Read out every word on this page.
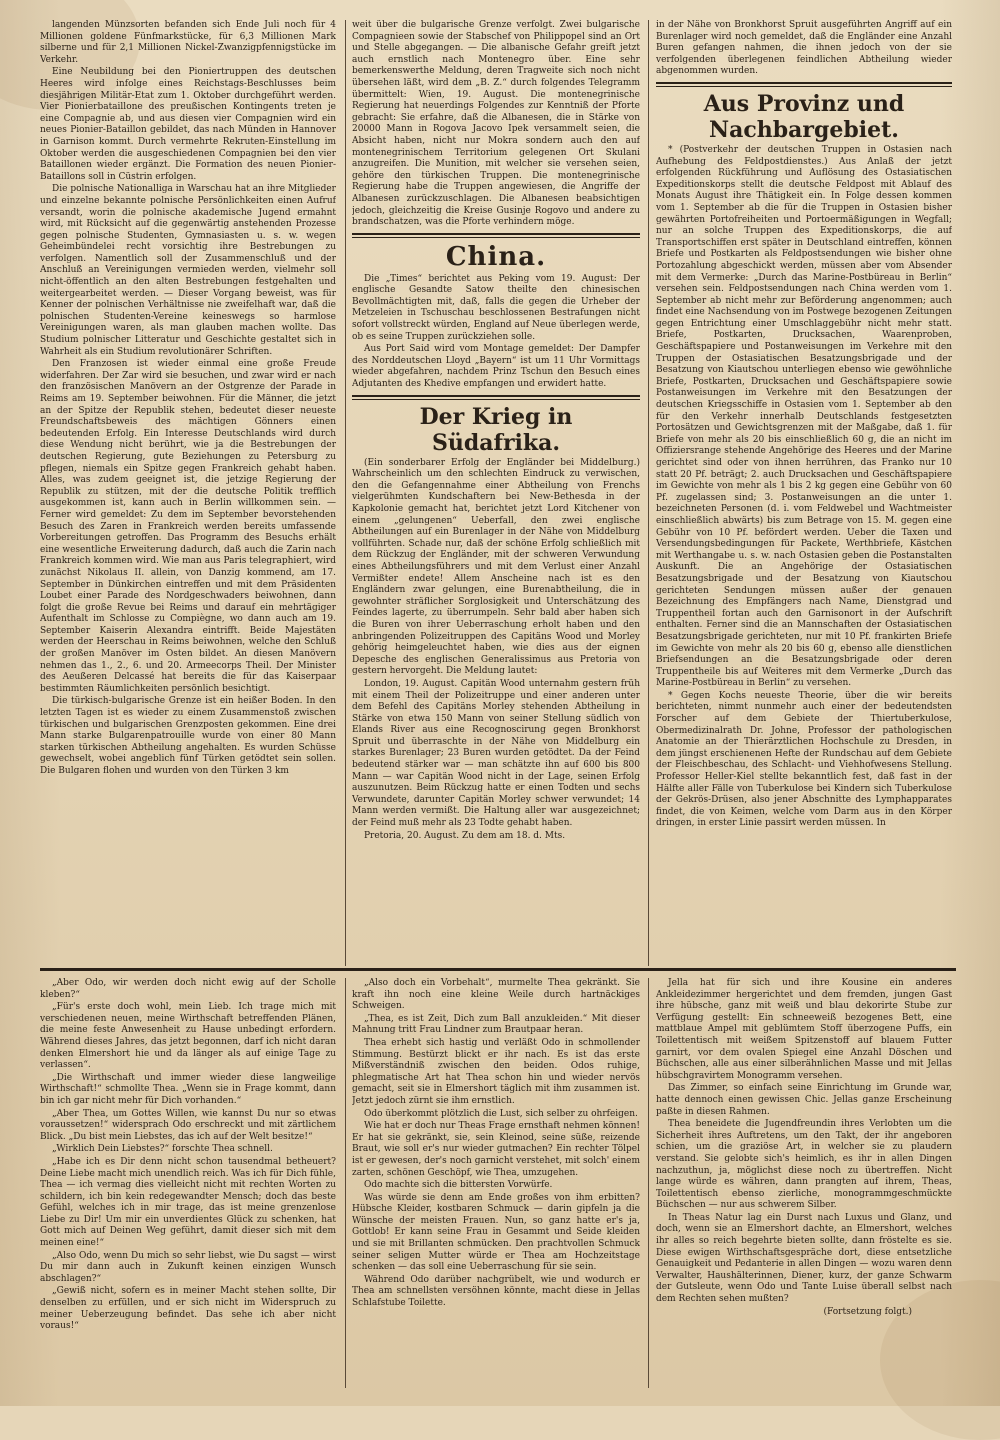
langenden Münzsorten befanden sich Ende Juli noch für 4 Millionen goldene Fünfmarkstücke, für 6,3 Millionen Mark silberne und für 2,1 Millionen Nickel-Zwanzigpfennigstücke im Verkehr.

Eine Neubildung bei den Pioniertruppen des deutschen Heeres wird infolge eines Reichstags-Beschlusses beim diesjährigen Militär-Etat zum 1. Oktober durchgeführt werden. Vier Pionierbataillone des preußischen Kontingents treten je eine Compagnie ab, und aus diesen vier Compagnien wird ein neues Pionier-Bataillon gebildet, das nach Münden in Hannover in Garnison kommt. Durch vermehrte Rekruten-Einstellung im Oktober werden die ausgeschiedenen Compagnien bei den vier Bataillonen wieder ergänzt. Die Formation des neuen Pionier-Bataillons soll in Cüstrin erfolgen.

Die polnische Nationalliga in Warschau hat an ihre Mitglieder und einzelne bekannte polnische Persönlichkeiten einen Aufruf versandt, worin die polnische akademische Jugend ermahnt wird, mit Rücksicht auf die gegenwärtig anstehenden Prozesse gegen polnische Studenten, Gymnasiasten u. s. w. wegen Geheimbündelei recht vorsichtig ihre Bestrebungen zu verfolgen. Namentlich soll der Zusammenschluß und der Anschluß an Vereinigungen vermieden werden, vielmehr soll nicht-öffentlich an den alten Bestrebungen festgehalten und weitergearbeitet werden. — Dieser Vorgang beweist, was für Kenner der polnischen Verhältnisse nie zweifelhaft war, daß die polnischen Studenten-Vereine keineswegs so harmlose Vereinigungen waren, als man glauben machen wollte. Das Studium polnischer Litteratur und Geschichte gestaltet sich in Wahrheit als ein Studium revolutionärer Schriften.

Den Franzosen ist wieder einmal eine große Freude widerfahren. Der Zar wird sie besuchen, und zwar wird er nach den französischen Manövern an der Ostgrenze der Parade in Reims am 19. September beiwohnen. Für die Männer, die jetzt an der Spitze der Republik stehen, bedeutet dieser neueste Freundschaftsbeweis des mächtigen Gönners einen bedeutenden Erfolg. Ein Interesse Deutschlands wird durch diese Wendung nicht berührt, wie ja die Bestrebungen der deutschen Regierung, gute Beziehungen zu Petersburg zu pflegen, niemals ein Spitze gegen Frankreich gehabt haben. Alles, was zudem geeignet ist, die jetzige Regierung der Republik zu stützen, mit der die deutsche Politik trefflich ausgekommen ist, kann auch in Berlin willkommen sein. — Ferner wird gemeldet: Zu dem im September bevorstehenden Besuch des Zaren in Frankreich werden bereits umfassende Vorbereitungen getroffen. Das Programm des Besuchs erhält eine wesentliche Erweiterung dadurch, daß auch die Zarin nach Frankreich kommen wird. Wie man aus Paris telegraphiert, wird zunächst Nikolaus II. allein, von Danzig kommend, am 17. September in Dünkirchen eintreffen und mit dem Präsidenten Loubet einer Parade des Nordgeschwaders beiwohnen, dann folgt die große Revue bei Reims und darauf ein mehrtägiger Aufenthalt im Schlosse zu Compiègne, wo dann auch am 19. September Kaiserin Alexandra eintrifft. Beide Majestäten werden der Heerschau in Reims beiwohnen, welche den Schluß der großen Manöver im Osten bildet. An diesen Manövern nehmen das 1., 2., 6. und 20. Armeecorps Theil. Der Minister des Aeußeren Delcassé hat bereits die für das Kaiserpaar bestimmten Räumlichkeiten persönlich besichtigt.

Die türkisch-bulgarische Grenze ist ein heißer Boden. In den letzten Tagen ist es wieder zu einem Zusammenstoß zwischen türkischen und bulgarischen Grenzposten gekommen. Eine drei Mann starke Bulgarenpatrouille wurde von einer 80 Mann starken türkischen Abtheilung angehalten. Es wurden Schüsse gewechselt, wobei angeblich fünf Türken getödtet sein sollen. Die Bulgaren flohen und wurden von den Türken 3 km

weit über die bulgarische Grenze verfolgt. Zwei bulgarische Compagnieen sowie der Stabschef von Philippopel sind an Ort und Stelle abgegangen. — Die albanische Gefahr greift jetzt auch ernstlich nach Montenegro über. Eine sehr bemerkenswerthe Meldung, deren Tragweite sich noch nicht übersehen läßt, wird dem „B. Z.“ durch folgendes Telegramm übermittelt: Wien, 19. August. Die montenegrinische Regierung hat neuerdings Folgendes zur Kenntniß der Pforte gebracht: Sie erfahre, daß die Albanesen, die in Stärke von 20000 Mann in Rogova Jacovo Ipek versammelt seien, die Absicht haben, nicht nur Mokra sondern auch den auf montenegrinischem Territorium gelegenen Ort Skulani anzugreifen. Die Munition, mit welcher sie versehen seien, gehöre den türkischen Truppen. Die montenegrinische Regierung habe die Truppen angewiesen, die Angriffe der Albanesen zurückzuschlagen. Die Albanesen beabsichtigen jedoch, gleichzeitig die Kreise Gusinje Rogovo und andere zu brandschatzen, was die Pforte verhindern möge.

China.

Die „Times“ berichtet aus Peking vom 19. August: Der englische Gesandte Satow theilte den chinesischen Bevollmächtigten mit, daß, falls die gegen die Urheber der Metzeleien in Tschuschau beschlossenen Bestrafungen nicht sofort vollstreckt würden, England auf Neue überlegen werde, ob es seine Truppen zurückziehen solle.

Aus Port Said wird vom Montage gemeldet: Der Dampfer des Norddeutschen Lloyd „Bayern“ ist um 11 Uhr Vormittags wieder abgefahren, nachdem Prinz Tschun den Besuch eines Adjutanten des Khedive empfangen und erwidert hatte.

Der Krieg in Südafrika.

(Ein sonderbarer Erfolg der Engländer bei Middelburg.) Wahrscheinlich um den schlechten Eindruck zu verwischen, den die Gefangennahme einer Abtheilung von Frenchs vielgerühmten Kundschaftern bei New-Bethesda in der Kapkolonie gemacht hat, berichtet jetzt Lord Kitchener von einem „gelungenen“ Ueberfall, den zwei englische Abtheilungen auf ein Burenlager in der Nähe von Middelburg vollführten. Schade nur, daß der schöne Erfolg schließlich mit dem Rückzug der Engländer, mit der schweren Verwundung eines Abtheilungsführers und mit dem Verlust einer Anzahl Vermißter endete! Allem Anscheine nach ist es den Engländern zwar gelungen, eine Burenabtheilung, die in gewohnter sträflicher Sorglosigkeit und Unterschätzung des Feindes lagerte, zu überrumpeln. Sehr bald aber haben sich die Buren von ihrer Ueberraschung erholt haben und den anbringenden Polizeitruppen des Capitäns Wood und Morley gehörig heimgeleuchtet haben, wie dies aus der eignen Depesche des englischen Generalissimus aus Pretoria von gestern hervorgeht. Die Meldung lautet:

London, 19. August. Capitän Wood unternahm gestern früh mit einem Theil der Polizeitruppe und einer anderen unter dem Befehl des Capitäns Morley stehenden Abtheilung in Stärke von etwa 150 Mann von seiner Stellung südlich von Elands River aus eine Recognoscirung gegen Bronkhorst Spruit und überraschte in der Nähe von Middelburg ein starkes Burenlager; 23 Buren wurden getödtet. Da der Feind bedeutend stärker war — man schätzte ihn auf 600 bis 800 Mann — war Capitän Wood nicht in der Lage, seinen Erfolg auszunutzen. Beim Rückzug hatte er einen Todten und sechs Verwundete, darunter Capitän Morley schwer verwundet; 14 Mann werden vermißt. Die Haltung aller war ausgezeichnet; der Feind muß mehr als 23 Todte gehabt haben.

Pretoria, 20. August. Zu dem am 18. d. Mts.

in der Nähe von Bronkhorst Spruit ausgeführten Angriff auf ein Burenlager wird noch gemeldet, daß die Engländer eine Anzahl Buren gefangen nahmen, die ihnen jedoch von der sie verfolgenden überlegenen feindlichen Abtheilung wieder abgenommen wurden.

Aus Provinz und Nachbargebiet.

* (Postverkehr der deutschen Truppen in Ostasien nach Aufhebung des Feldpostdienstes.) Aus Anlaß der jetzt erfolgenden Rückführung und Auflösung des Ostasiatischen Expeditionskorps stellt die deutsche Feldpost mit Ablauf des Monats August ihre Thätigkeit ein. In Folge dessen kommen vom 1. September ab die für die Truppen in Ostasien bisher gewährten Portofreiheiten und Portoermäßigungen in Wegfall; nur an solche Truppen des Expeditionskorps, die auf Transportschiffen erst später in Deutschland eintreffen, können Briefe und Postkarten als Feldpostsendungen wie bisher ohne Portozahlung abgeschickt werden, müssen aber vom Absender mit dem Vermerke: „Durch das Marine-Postbüreau in Berlin“ versehen sein. Feldpostsendungen nach China werden vom 1. September ab nicht mehr zur Beförderung angenommen; auch findet eine Nachsendung von im Postwege bezogenen Zeitungen gegen Entrichtung einer Umschlaggebühr nicht mehr statt. Briefe, Postkarten, Drucksachen, Waarenproben, Geschäftspapiere und Postanweisungen im Verkehre mit den Truppen der Ostasiatischen Besatzungsbrigade und der Besatzung von Kiautschou unterliegen ebenso wie gewöhnliche Briefe, Postkarten, Drucksachen und Geschäftspapiere sowie Postanweisungen im Verkehre mit den Besatzungen der deutschen Kriegsschiffe in Ostasien vom 1. September ab den für den Verkehr innerhalb Deutschlands festgesetzten Portosätzen und Gewichtsgrenzen mit der Maßgabe, daß 1. für Briefe von mehr als 20 bis einschließlich 60 g, die an nicht im Offiziersrange stehende Angehörige des Heeres und der Marine gerichtet sind oder von ihnen herrühren, das Franko nur 10 statt 20 Pf. beträgt; 2. auch Drucksachen und Geschäftspapiere im Gewichte von mehr als 1 bis 2 kg gegen eine Gebühr von 60 Pf. zugelassen sind; 3. Postanweisungen an die unter 1. bezeichneten Personen (d. i. vom Feldwebel und Wachtmeister einschließlich abwärts) bis zum Betrage von 15. M. gegen eine Gebühr von 10 Pf. befördert werden. Ueber die Taxen und Versendungsbedingungen für Packete, Werthbriefe, Kästchen mit Werthangabe u. s. w. nach Ostasien geben die Postanstalten Auskunft. Die an Angehörige der Ostasiatischen Besatzungsbrigade und der Besatzung von Kiautschou gerichteten Sendungen müssen außer der genauen Bezeichnung des Empfängers nach Name, Dienstgrad und Truppentheil fortan auch den Garnisonort in der Aufschrift enthalten. Ferner sind die an Mannschaften der Ostasiatischen Besatzungsbrigade gerichteten, nur mit 10 Pf. frankirten Briefe im Gewichte von mehr als 20 bis 60 g, ebenso alle dienstlichen Briefsendungen an die Besatzungsbrigade oder deren Truppentheile bis auf Weiteres mit dem Vermerke „Durch das Marine-Postbüreau in Berlin“ zu versehen.

* Gegen Kochs neueste Theorie, über die wir bereits berichteten, nimmt nunmehr auch einer der bedeutendsten Forscher auf dem Gebiete der Thiertuberkulose, Obermedizinalrath Dr. Johne, Professor der pathologischen Anatomie an der Thierärztlichen Hochschule zu Dresden, in dem jüngst erschienenen Hefte der Rundschau auf dem Gebiete der Fleischbeschau, des Schlacht- und Viehhofwesens Stellung. Professor Heller-Kiel stellte bekanntlich fest, daß fast in der Hälfte aller Fälle von Tuberkulose bei Kindern sich Tuberkulose der Gekrös-Drüsen, also jener Abschnitte des Lymphapparates findet, die von Keimen, welche vom Darm aus in den Körper dringen, in erster Linie passirt werden müssen. In

„Aber Odo, wir werden doch nicht ewig auf der Scholle kleben?“

„Für's erste doch wohl, mein Lieb. Ich trage mich mit verschiedenen neuen, meine Wirthschaft betreffenden Plänen, die meine feste Anwesenheit zu Hause unbedingt erfordern. Während dieses Jahres, das jetzt begonnen, darf ich nicht daran denken Elmershort hie und da länger als auf einige Tage zu verlassen“.

„Die Wirthschaft und immer wieder diese langweilige Wirthschaft!“ schmollte Thea. „Wenn sie in Frage kommt, dann bin ich gar nicht mehr für Dich vorhanden.“

„Aber Thea, um Gottes Willen, wie kannst Du nur so etwas voraussetzen!“ widersprach Odo erschreckt und mit zärtlichem Blick. „Du bist mein Liebstes, das ich auf der Welt besitze!“

„Wirklich Dein Liebstes?“ forschte Thea schnell.

„Habe ich es Dir denn nicht schon tausendmal betheuert? Deine Liebe macht mich unendlich reich. Was ich für Dich fühle, Thea — ich vermag dies vielleicht nicht mit rechten Worten zu schildern, ich bin kein redegewandter Mensch; doch das beste Gefühl, welches ich in mir trage, das ist meine grenzenlose Liebe zu Dir! Um mir ein unverdientes Glück zu schenken, hat Gott mich auf Deinen Weg geführt, damit dieser sich mit dem meinen eine!“

„Also Odo, wenn Du mich so sehr liebst, wie Du sagst — wirst Du mir dann auch in Zukunft keinen einzigen Wunsch abschlagen?“

„Gewiß nicht, sofern es in meiner Macht stehen sollte, Dir denselben zu erfüllen, und er sich nicht im Widerspruch zu meiner Ueberzeugung befindet. Das sehe ich aber nicht voraus!“

„Also doch ein Vorbehalt“, murmelte Thea gekränkt. Sie kraft ihn noch eine kleine Weile durch hartnäckiges Schweigen.

„Thea, es ist Zeit, Dich zum Ball anzukleiden.“ Mit dieser Mahnung tritt Frau Lindner zum Brautpaar heran.

Thea erhebt sich hastig und verläßt Odo in schmollender Stimmung. Bestürzt blickt er ihr nach. Es ist das erste Mißverständniß zwischen den beiden. Odos ruhige, phlegmatische Art hat Thea schon hin und wieder nervös gemacht, seit sie in Elmershort täglich mit ihm zusammen ist. Jetzt jedoch zürnt sie ihm ernstlich.

Odo überkommt plötzlich die Lust, sich selber zu ohrfeigen.

Wie hat er doch nur Theas Frage ernsthaft nehmen können! Er hat sie gekränkt, sie, sein Kleinod, seine süße, reizende Braut, wie soll er's nur wieder gutmachen? Ein rechter Tölpel ist er gewesen, der's noch garnicht verstehet, mit solch' einem zarten, schönen Geschöpf, wie Thea, umzugehen.

Odo machte sich die bittersten Vorwürfe.

Was würde sie denn am Ende großes von ihm erbitten? Hübsche Kleider, kostbaren Schmuck — darin gipfeln ja die Wünsche der meisten Frauen. Nun, so ganz hatte er's ja, Gottlob! Er kann seine Frau in Gesammt und Seide kleiden und sie mit Brillanten schmücken. Den prachtvollen Schmuck seiner seligen Mutter würde er Thea am Hochzeitstage schenken — das soll eine Ueberraschung für sie sein.

Während Odo darüber nachgrübelt, wie und wodurch er Thea am schnellsten versöhnen könnte, macht diese in Jellas Schlafstube Toilette.

Jella hat für sich und ihre Kousine ein anderes Ankleidezimmer hergerichtet und dem fremden, jungen Gast ihre hübsche, ganz mit weiß und blau dekorirte Stube zur Verfügung gestellt: Ein schneeweiß bezogenes Bett, eine mattblaue Ampel mit geblümtem Stoff überzogene Puffs, ein Toilettentisch mit weißem Spitzenstoff auf blauem Futter garnirt, vor dem ovalen Spiegel eine Anzahl Döschen und Büchschen, alle aus einer silberähnlichen Masse und mit Jellas hübschgravirtem Monogramm versehen.

Das Zimmer, so einfach seine Einrichtung im Grunde war, hatte dennoch einen gewissen Chic. Jellas ganze Erscheinung paßte in diesen Rahmen.

Thea beneidete die Jugendfreundin ihres Verlobten um die Sicherheit ihres Auftretens, um den Takt, der ihr angeboren schien, um die graziöse Art, in welcher sie zu plaudern verstand. Sie gelobte sich's heimlich, es ihr in allen Dingen nachzuthun, ja, möglichst diese noch zu übertreffen. Nicht lange würde es währen, dann prangten auf ihrem, Theas, Toilettentisch ebenso zierliche, monogrammgeschmückte Büchschen — nur aus schwerem Silber.

In Theas Natur lag ein Durst nach Luxus und Glanz, und doch, wenn sie an Elmershort dachte, an Elmershort, welches ihr alles so reich begehrte bieten sollte, dann fröstelte es sie. Diese ewigen Wirthschaftsgespräche dort, diese entsetzliche Genauigkeit und Pedanterie in allen Dingen — wozu waren denn Verwalter, Haushälterinnen, Diener, kurz, der ganze Schwarm der Gutsleute, wenn Odo und Tante Luise überall selbst nach dem Rechten sehen mußten?

(Fortsetzung folgt.)
